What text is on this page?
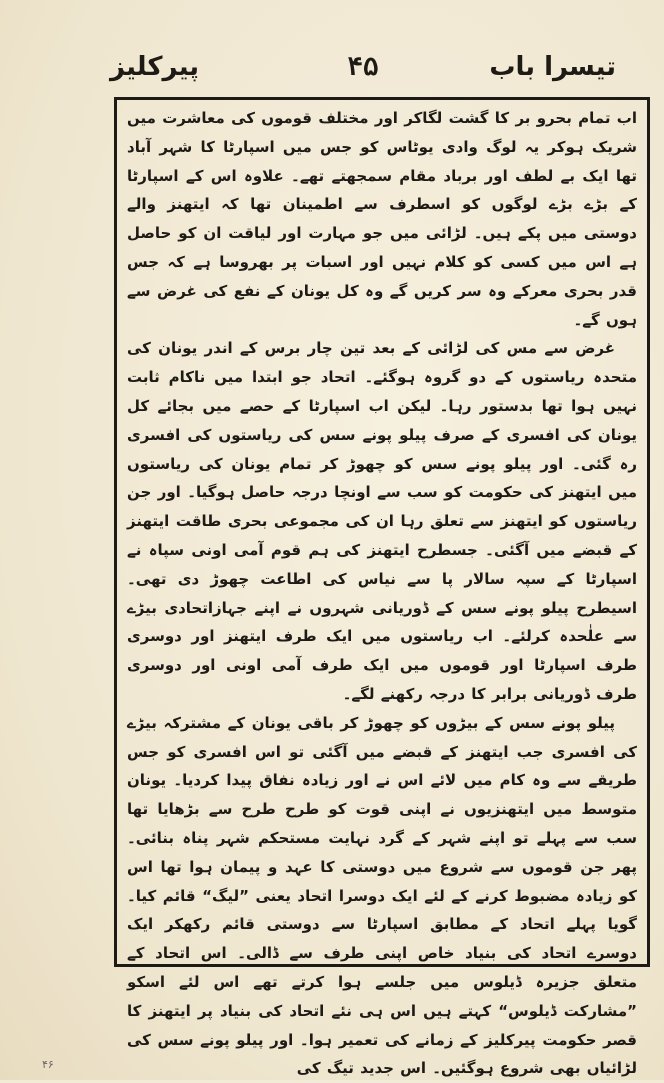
تیسرا باب
۴۵
پیرکلیز

اب تمام بحرو بر کا گشت لگاکر اور مختلف قوموں کی معاشرت میں شریک ہوکر یہ لوگ وادی یوٹاس کو جس میں اسپارٹا کا شہر آباد تھا ایک بے لطف اور برباد مقام سمجھتے تھے۔ علاوہ اس کے اسپارٹا کے بڑے بڑے لوگوں کو اسطرف سے اطمینان تھا کہ ایتھنز والے دوستی میں پکے ہیں۔ لڑائی میں جو مہارت اور لیاقت ان کو حاصل ہے اس میں کسی کو کلام نہیں اور اسبات پر بھروسا ہے کہ جس قدر بحری معرکے وہ سر کریں گے وہ کل یونان کے نفع کی غرض سے ہوں گے۔

غرض سے مس کی لڑائی کے بعد تین چار برس کے اندر یونان کی متحدہ ریاستوں کے دو گروہ ہوگئے۔ اتحاد جو ابتدا میں ناکام ثابت نہیں ہوا تھا بدستور رہا۔ لیکن اب اسپارٹا کے حصے میں بجائے کل یونان کی افسری کے صرف پیلو پونے سس کی ریاستوں کی افسری رہ گئی۔ اور پیلو پونے سس کو چھوڑ کر تمام یونان کی ریاستوں میں ایتھنز کی حکومت کو سب سے اونچا درجہ حاصل ہوگیا۔ اور جن ریاستوں کو ایتھنز سے تعلق رہا ان کی مجموعی بحری طاقت ایتھنز کے قبضے میں آگئی۔ جسطرح ایتھنز کی ہم قوم آمی اونی سپاہ نے اسپارٹا کے سپہ سالار پا سے نیاس کی اطاعت چھوڑ دی تھی۔ اسیطرح پیلو پونے سس کے ڈوریانی شہروں نے اپنے جہازاتحادی بیڑے سے علٰحدہ کرلئے۔ اب ریاستوں میں ایک طرف ایتھنز اور دوسری طرف اسپارٹا اور قوموں میں ایک طرف آمی اونی اور دوسری طرف ڈوریانی برابر کا درجہ رکھنے لگے۔

پیلو پونے سس کے بیڑوں کو چھوڑ کر باقی یونان کے مشترکہ بیڑے کی افسری جب ایتھنز کے قبضے میں آگئی تو اس افسری کو جس طریقے سے وہ کام میں لائے اس نے اور زیادہ نفاق پیدا کردیا۔ یونان متوسط میں ایتھنزیوں نے اپنی قوت کو طرح طرح سے بڑھایا تھا سب سے پہلے تو اپنے شہر کے گرد نہایت مستحکم شہر پناہ بنائی۔ پھر جن قوموں سے شروع میں دوستی کا عہد و پیمان ہوا تھا اس کو زیادہ مضبوط کرنے کے لئے ایک دوسرا اتحاد یعنی ”لیگ“ قائم کیا۔ گویا پہلے اتحاد کے مطابق اسپارٹا سے دوستی قائم رکھکر ایک دوسرے اتحاد کی بنیاد خاص اپنی طرف سے ڈالی۔ اس اتحاد کے متعلق جزیرہ ڈیلوس میں جلسے ہوا کرتے تھے اس لئے اسکو ”مشارکت ڈیلوس“ کہتے ہیں اس ہی نئے اتحاد کی بنیاد پر ایتھنز کا قصر حکومت پیرکلیز کے زمانے کی تعمیر ہوا۔ اور پیلو پونے سس کی لڑائیاں بھی شروع ہوگئیں۔ اس جدید تیگ کی

۴۶
